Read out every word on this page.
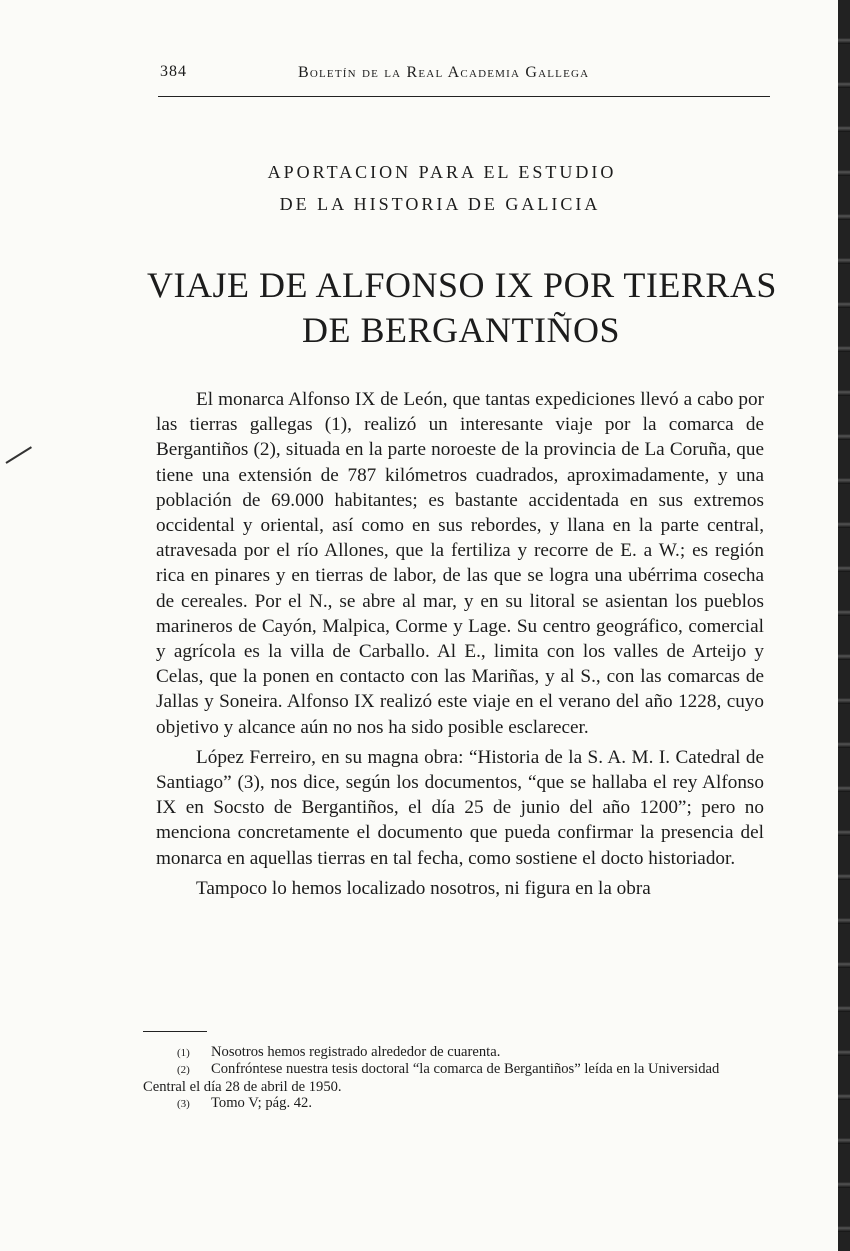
384	Boletín de la Real Academia Gallega
APORTACION PARA EL ESTUDIO
DE LA HISTORIA DE GALICIA
VIAJE DE ALFONSO IX POR TIERRAS
DE BERGANTIÑOS

El monarca Alfonso IX de León, que tantas expediciones llevó a cabo por las tierras gallegas (1), realizó un interesante viaje por la comarca de Bergantiños (2), situada en la parte noroeste de la provincia de La Coruña, que tiene una extensión de 787 kilómetros cuadrados, aproximadamente, y una población de 69.000 habitantes; es bastante accidentada en sus extremos occidental y oriental, así como en sus rebordes, y llana en la parte central, atravesada por el río Allones, que la fertiliza y recorre de E. a W.; es región rica en pinares y en tierras de labor, de las que se logra una ubérrima cosecha de cereales. Por el N., se abre al mar, y en su litoral se asientan los pueblos marineros de Cayón, Malpica, Corme y Lage. Su centro geográfico, comercial y agrícola es la villa de Carballo. Al E., limita con los valles de Arteijo y Celas, que la ponen en contacto con las Mariñas, y al S., con las comarcas de Jallas y Soneira. Alfonso IX realizó este viaje en el verano del año 1228, cuyo objetivo y alcance aún no nos ha sido posible esclarecer.

López Ferreiro, en su magna obra: “Historia de la S. A. M. I. Catedral de Santiago” (3), nos dice, según los documentos, “que se hallaba el rey Alfonso IX en Socsto de Bergantiños, el día 25 de junio del año 1200”; pero no menciona concretamente el documento que pueda confirmar la presencia del monarca en aquellas tierras en tal fecha, como sostiene el docto historiador.

Tampoco lo hemos localizado nosotros, ni figura en la obra

(1) Nosotros hemos registrado alrededor de cuarenta.

(2) Confróntese nuestra tesis doctoral “la comarca de Bergantiños” leída en la Universidad Central el día 28 de abril de 1950.

(3) Tomo V; pág. 42.
